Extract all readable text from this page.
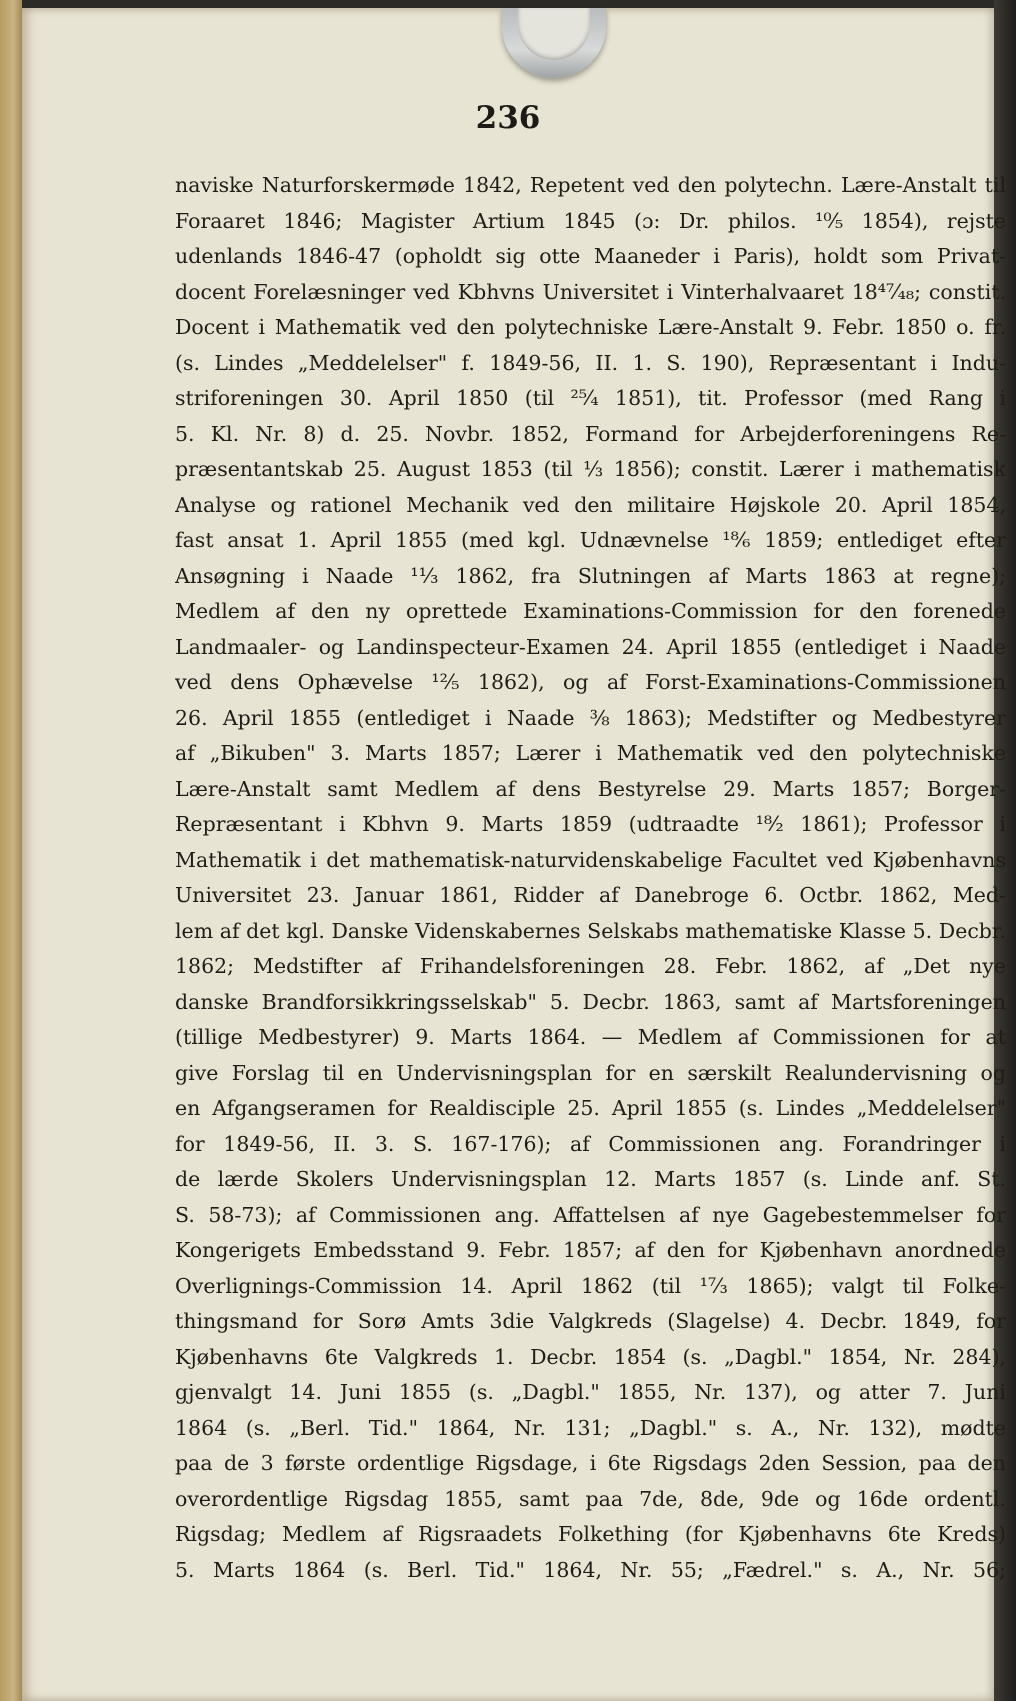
236
naviske Naturforskermøde 1842, Repetent ved den polytechn. Lære-Anstalt til
Foraaret 1846; Magister Artium 1845 (ɔ: Dr. philos. ¹⁰⁄₅ 1854), rejste
udenlands 1846-47 (opholdt sig otte Maaneder i Paris), holdt som Privat-
docent Forelæsninger ved Kbhvns Universitet i Vinterhalvaaret 18⁴⁷⁄₄₈; constit.
Docent i Mathematik ved den polytechniske Lære-Anstalt 9. Febr. 1850 o. fr.
(s. Lindes „Meddelelser" f. 1849-56, II. 1. S. 190), Repræsentant i Indu-
striforeningen 30. April 1850 (til ²⁵⁄₄ 1851), tit. Professor (med Rang i
5. Kl. Nr. 8) d. 25. Novbr. 1852, Formand for Arbejderforeningens Re-
præsentantskab 25. August 1853 (til ⅓ 1856); constit. Lærer i mathematisk
Analyse og rationel Mechanik ved den militaire Højskole 20. April 1854,
fast ansat 1. April 1855 (med kgl. Udnævnelse ¹⁸⁄₆ 1859; entlediget efter
Ansøgning i Naade ¹¹⁄₃ 1862, fra Slutningen af Marts 1863 at regne);
Medlem af den ny oprettede Examinations-Commission for den forenede
Landmaaler- og Landinspecteur-Examen 24. April 1855 (entlediget i Naade
ved dens Ophævelse ¹²⁄₅ 1862), og af Forst-Examinations-Commissionen
26. April 1855 (entlediget i Naade ⅜ 1863); Medstifter og Medbestyrer
af „Bikuben" 3. Marts 1857; Lærer i Mathematik ved den polytechniske
Lære-Anstalt samt Medlem af dens Bestyrelse 29. Marts 1857; Borger-
Repræsentant i Kbhvn 9. Marts 1859 (udtraadte ¹⁸⁄₂ 1861); Professor i
Mathematik i det mathematisk-naturvidenskabelige Facultet ved Kjøbenhavns
Universitet 23. Januar 1861, Ridder af Danebroge 6. Octbr. 1862, Med-
lem af det kgl. Danske Videnskabernes Selskabs mathematiske Klasse 5. Decbr.
1862; Medstifter af Frihandelsforeningen 28. Febr. 1862, af „Det nye
danske Brandforsikkringsselskab" 5. Decbr. 1863, samt af Martsforeningen
(tillige Medbestyrer) 9. Marts 1864. — Medlem af Commissionen for at
give Forslag til en Undervisningsplan for en særskilt Realundervisning og
en Afgangseramen for Realdisciple 25. April 1855 (s. Lindes „Meddelelser"
for 1849-56, II. 3. S. 167-176); af Commissionen ang. Forandringer i
de lærde Skolers Undervisningsplan 12. Marts 1857 (s. Linde anf. St.
S. 58-73); af Commissionen ang. Affattelsen af nye Gagebestemmelser for
Kongerigets Embedsstand 9. Febr. 1857; af den for Kjøbenhavn anordnede
Overlignings-Commission 14. April 1862 (til ¹⁷⁄₃ 1865); valgt til Folke-
thingsmand for Sorø Amts 3die Valgkreds (Slagelse) 4. Decbr. 1849, for
Kjøbenhavns 6te Valgkreds 1. Decbr. 1854 (s. „Dagbl." 1854, Nr. 284),
gjenvalgt 14. Juni 1855 (s. „Dagbl." 1855, Nr. 137), og atter 7. Juni
1864 (s. „Berl. Tid." 1864, Nr. 131; „Dagbl." s. A., Nr. 132), mødte
paa de 3 første ordentlige Rigsdage, i 6te Rigsdags 2den Session, paa den
overordentlige Rigsdag 1855, samt paa 7de, 8de, 9de og 16de ordentl.
Rigsdag; Medlem af Rigsraadets Folkething (for Kjøbenhavns 6te Kreds)
5. Marts 1864 (s. Berl. Tid." 1864, Nr. 55; „Fædrel." s. A., Nr. 56;
